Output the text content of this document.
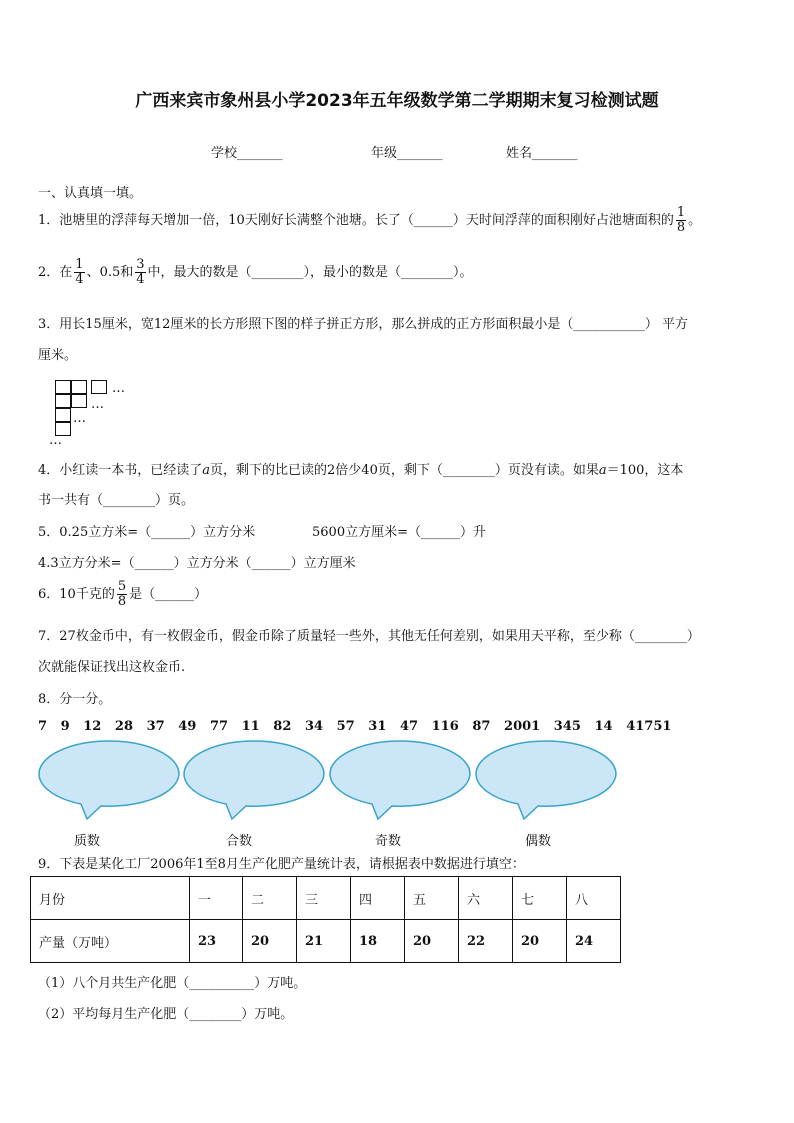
广西来宾市象州县小学2023年五年级数学第二学期期末复习检测试题
学校_______	年级_______	姓名_______
一、认真填一填。
1．池塘里的浮萍每天增加一倍，10天刚好长满整个池塘。长了（______）天时间浮萍的面积刚好占池塘面积的 $\frac{1}{8}$ 。
2．在 $\frac{1}{4}$ 、0.5和 $\frac{3}{4}$ 中，最大的数是（________），最小的数是（________）。
3．用长15厘米，宽12厘米的长方形照下图的样子拼正方形，那么拼成的正方形面积最小是（___________） 平方
厘米。
…
…
…
…
4．小红读一本书，已经读了𝑎页，剩下的比已读的2倍少40页，剩下（________）页没有读。如果𝑎＝100，这本
书一共有（________）页。
5．0.25立方米=（______）立方分米	5600立方厘米=（______）升
4.3立方分米=（______）立方分米（______）立方厘米
6．10千克的 $\frac{5}{8}$ 是（______）
7．27枚金币中，有一枚假金币，假金币除了质量轻一些外，其他无任何差别，如果用天平称，至少称（________）
次就能保证找出这枚金币.
8．分一分。
7 9 12 28 37 49 77 11 82 34 57 31 47 116 87 2001 345 14 41751
质数	合数	奇数	偶数
9．下表是某化工厂2006年1至8月生产化肥产量统计表，请根据表中数据进行填空：
月份	一	二	三	四	五	六	七	八
产量（万吨）	23	20	21	18	20	22	20	24
（1）八个月共生产化肥（__________）万吨。
（2）平均每月生产化肥（________）万吨。
